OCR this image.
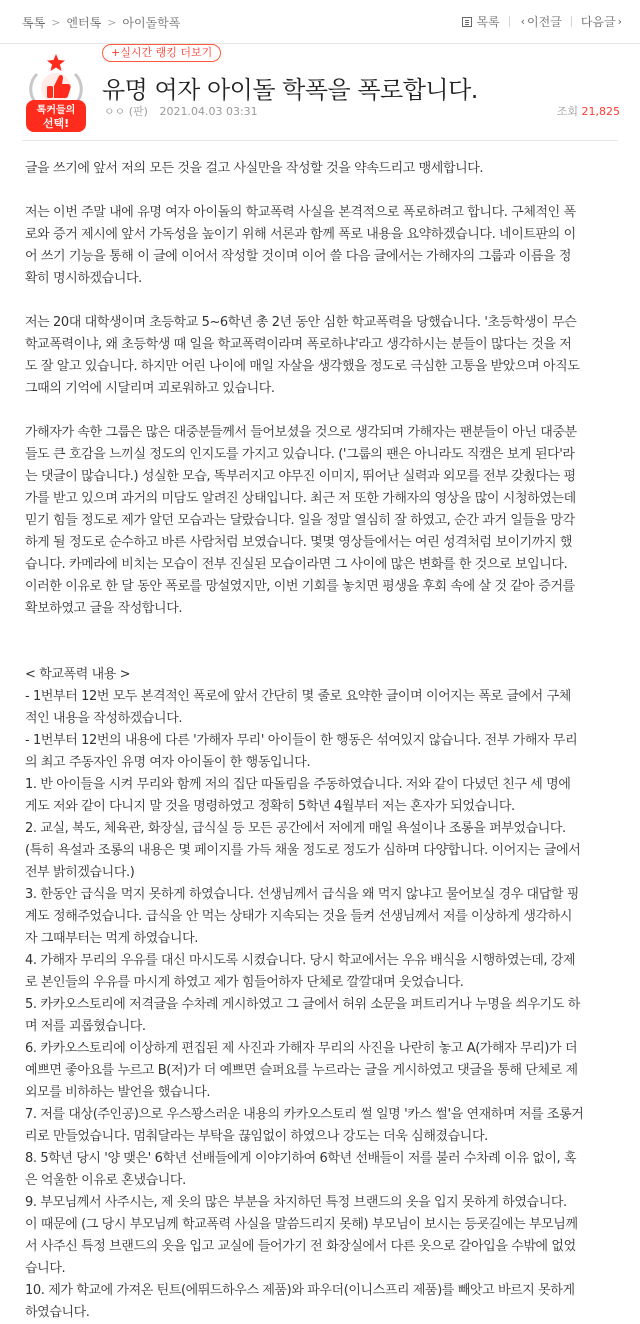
톡톡 > 엔터톡 > 아이돌학폭	목록 ‹ 이전글 다음글 ›
톡커들의
선택!
+실시간 랭킹 더보기
유명 여자 아이돌 학폭을 폭로합니다.
ㅇㅇ (판) 2021.04.03 03:31	조회 21,825

글을 쓰기에 앞서 저의 모든 것을 걸고 사실만을 작성할 것을 약속드리고 맹세합니다.

저는 이번 주말 내에 유명 여자 아이돌의 학교폭력 사실을 본격적으로 폭로하려고 합니다. 구체적인 폭

로와 증거 제시에 앞서 가독성을 높이기 위해 서론과 함께 폭로 내용을 요약하겠습니다. 네이트판의 이

어 쓰기 기능을 통해 이 글에 이어서 작성할 것이며 이어 쓸 다음 글에서는 가해자의 그룹과 이름을 정

확히 명시하겠습니다.

저는 20대 대학생이며 초등학교 5~6학년 총 2년 동안 심한 학교폭력을 당했습니다. '초등학생이 무슨

학교폭력이냐, 왜 초등학생 때 일을 학교폭력이라며 폭로하냐'라고 생각하시는 분들이 많다는 것을 저

도 잘 알고 있습니다. 하지만 어린 나이에 매일 자살을 생각했을 정도로 극심한 고통을 받았으며 아직도

그때의 기억에 시달리며 괴로워하고 있습니다.

가해자가 속한 그룹은 많은 대중분들께서 들어보셨을 것으로 생각되며 가해자는 팬분들이 아닌 대중분

들도 큰 호감을 느끼실 정도의 인지도를 가지고 있습니다. ('그룹의 팬은 아니라도 직캠은 보게 된다'라

는 댓글이 많습니다.) 성실한 모습, 똑부러지고 야무진 이미지, 뛰어난 실력과 외모를 전부 갖췄다는 평

가를 받고 있으며 과거의 미담도 알려진 상태입니다. 최근 저 또한 가해자의 영상을 많이 시청하였는데

믿기 힘들 정도로 제가 알던 모습과는 달랐습니다. 일을 정말 열심히 잘 하였고, 순간 과거 일들을 망각

하게 될 정도로 순수하고 바른 사람처럼 보였습니다. 몇몇 영상들에서는 여린 성격처럼 보이기까지 했

습니다. 카메라에 비치는 모습이 전부 진실된 모습이라면 그 사이에 많은 변화를 한 것으로 보입니다.

이러한 이유로 한 달 동안 폭로를 망설였지만, 이번 기회를 놓치면 평생을 후회 속에 살 것 같아 증거를

확보하였고 글을 작성합니다.

< 학교폭력 내용 >

- 1번부터 12번 모두 본격적인 폭로에 앞서 간단히 몇 줄로 요약한 글이며 이어지는 폭로 글에서 구체

적인 내용을 작성하겠습니다.

- 1번부터 12번의 내용에 다른 '가해자 무리' 아이들이 한 행동은 섞여있지 않습니다. 전부 가해자 무리

의 최고 주동자인 유명 여자 아이돌이 한 행동입니다.

1. 반 아이들을 시켜 무리와 함께 저의 집단 따돌림을 주동하였습니다. 저와 같이 다녔던 친구 세 명에

게도 저와 같이 다니지 말 것을 명령하였고 정확히 5학년 4월부터 저는 혼자가 되었습니다.

2. 교실, 복도, 체육관, 화장실, 급식실 등 모든 공간에서 저에게 매일 욕설이나 조롱을 퍼부었습니다.

(특히 욕설과 조롱의 내용은 몇 페이지를 가득 채울 정도로 정도가 심하며 다양합니다. 이어지는 글에서

전부 밝히겠습니다.)

3. 한동안 급식을 먹지 못하게 하였습니다. 선생님께서 급식을 왜 먹지 않냐고 물어보실 경우 대답할 핑

계도 정해주었습니다. 급식을 안 먹는 상태가 지속되는 것을 들켜 선생님께서 저를 이상하게 생각하시

자 그때부터는 먹게 하였습니다.

4. 가해자 무리의 우유를 대신 마시도록 시켰습니다. 당시 학교에서는 우유 배식을 시행하였는데, 강제

로 본인들의 우유를 마시게 하였고 제가 힘들어하자 단체로 깔깔대며 웃었습니다.

5. 카카오스토리에 저격글을 수차례 게시하였고 그 글에서 허위 소문을 퍼트리거나 누명을 씌우기도 하

며 저를 괴롭혔습니다.

6. 카카오스토리에 이상하게 편집된 제 사진과 가해자 무리의 사진을 나란히 놓고 A(가해자 무리)가 더

예쁘면 좋아요를 누르고 B(저)가 더 예쁘면 슬퍼요를 누르라는 글을 게시하였고 댓글을 통해 단체로 제

외모를 비하하는 발언을 했습니다.

7. 저를 대상(주인공)으로 우스꽝스러운 내용의 카카오스토리 썰 일명 '카스 썰'을 연재하며 저를 조롱거

리로 만들었습니다. 멈춰달라는 부탁을 끊임없이 하였으나 강도는 더욱 심해졌습니다.

8. 5학년 당시 '양 맺은' 6학년 선배들에게 이야기하여 6학년 선배들이 저를 불러 수차례 이유 없이, 혹

은 억울한 이유로 혼냈습니다.

9. 부모님께서 사주시는, 제 옷의 많은 부분을 차지하던 특정 브랜드의 옷을 입지 못하게 하였습니다.

이 때문에 (그 당시 부모님께 학교폭력 사실을 말씀드리지 못해) 부모님이 보시는 등굣길에는 부모님께

서 사주신 특정 브랜드의 옷을 입고 교실에 들어가기 전 화장실에서 다른 옷으로 갈아입을 수밖에 없었

습니다.

10. 제가 학교에 가져온 틴트(에뛰드하우스 제품)와 파우더(이니스프리 제품)를 빼앗고 바르지 못하게

하였습니다.
